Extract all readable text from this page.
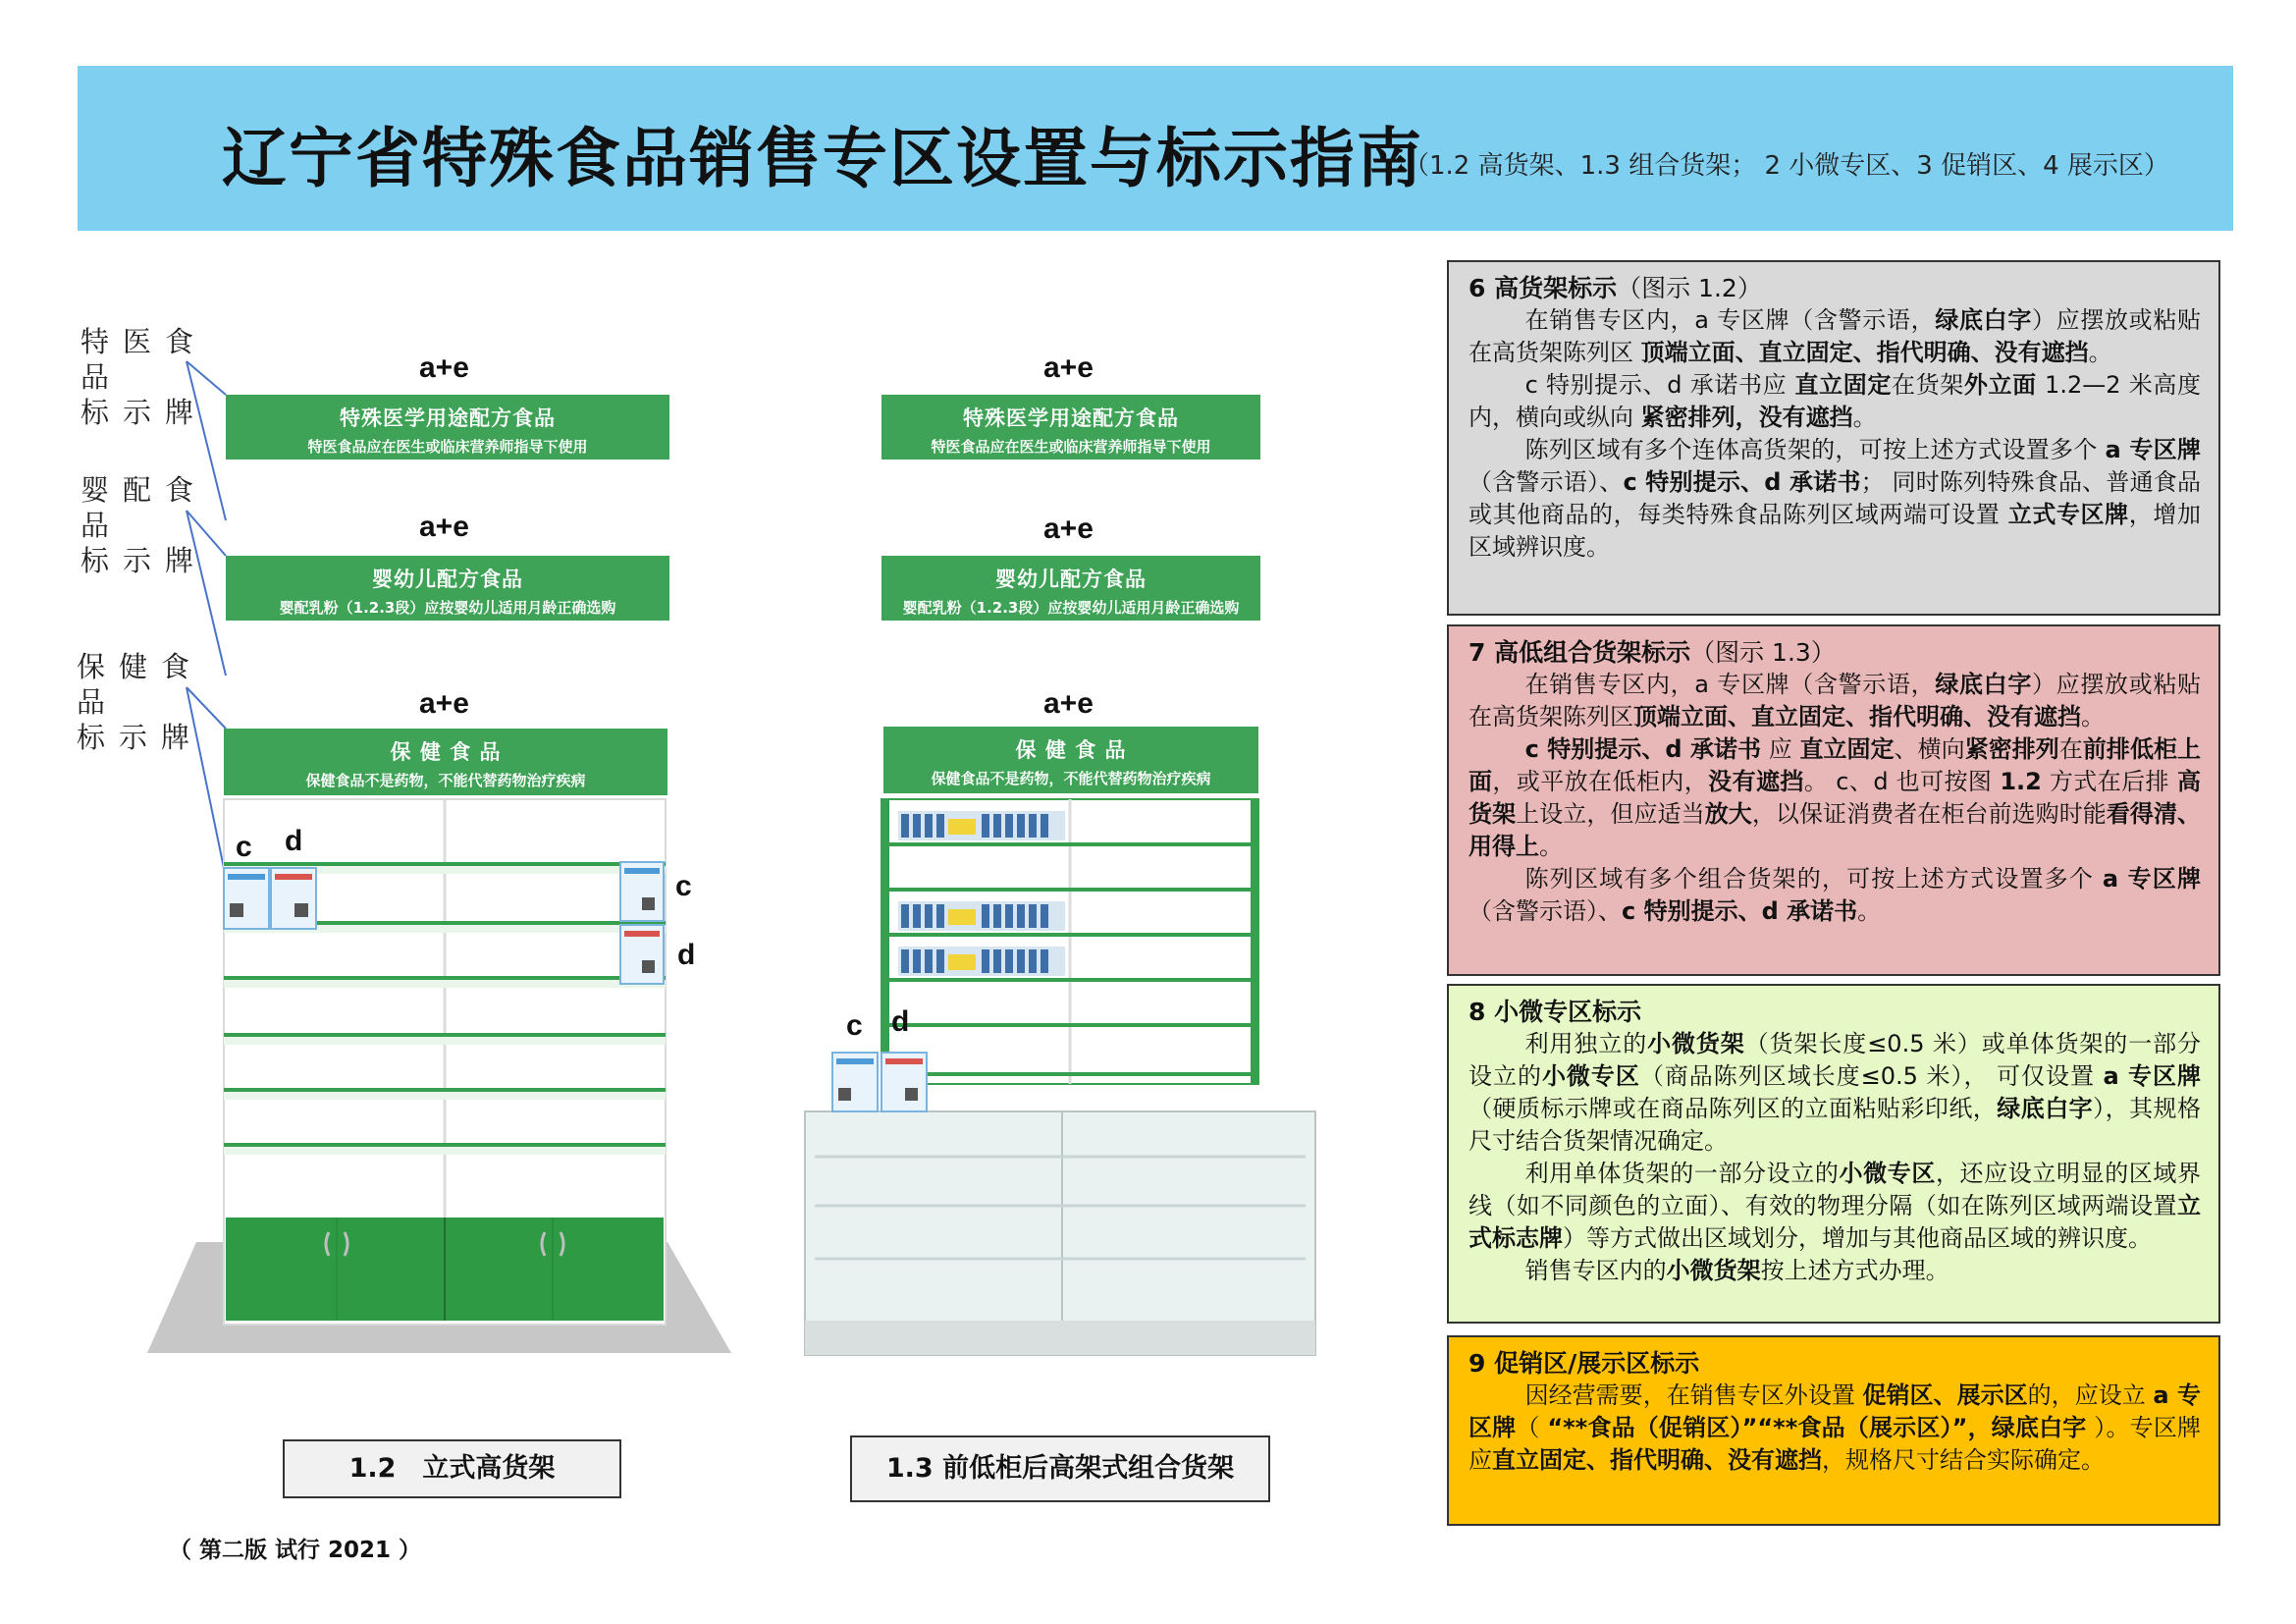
辽宁省特殊食品销售专区设置与标示指南
（1.2 高货架、1.3 组合货架； 2 小微专区、3 促销区、4 展示区）
特医食品
标 示 牌
婴配食品
标 示 牌
保健食品
标 示 牌
a+e	a+e
a+e	a+e
a+e	a+e
特殊医学用途配方食品
特医食品应在医生或临床营养师指导下使用
婴幼儿配方食品
婴配乳粉（1.2.3段）应按婴幼儿适用月龄正确选购
保 健 食 品
保健食品不是药物，不能代替药物治疗疾病
特殊医学用途配方食品
特医食品应在医生或临床营养师指导下使用
婴幼儿配方食品
婴配乳粉（1.2.3段）应按婴幼儿适用月龄正确选购
保 健 食 品
保健食品不是药物，不能代替药物治疗疾病
c d
c
d
c d
1.2　立式高货架	1.3 前低柜后高架式组合货架
（ 第二版 试行 2021 ）
6 高货架标示（图示 1.2）

在销售专区内，a 专区牌（含警示语，绿底白字）应摆放或粘贴在高货架陈列区 顶端立面、直立固定、指代明确、没有遮挡。

c 特别提示、d 承诺书应 直立固定在货架外立面 1.2—2 米高度内，横向或纵向 紧密排列，没有遮挡。

陈列区域有多个连体高货架的，可按上述方式设置多个 a 专区牌（含警示语）、c 特别提示、d 承诺书； 同时陈列特殊食品、普通食品或其他商品的，每类特殊食品陈列区域两端可设置 立式专区牌，增加区域辨识度。

7 高低组合货架标示（图示 1.3）

在销售专区内，a 专区牌（含警示语，绿底白字）应摆放或粘贴在高货架陈列区顶端立面、直立固定、指代明确、没有遮挡。

c 特别提示、d 承诺书 应 直立固定、横向紧密排列在前排低柜上面，或平放在低柜内，没有遮挡。 c、d 也可按图 1.2 方式在后排 高货架上设立，但应适当放大，以保证消费者在柜台前选购时能看得清、用得上。

陈列区域有多个组合货架的，可按上述方式设置多个 a 专区牌（含警示语）、c 特别提示、d 承诺书。

8 小微专区标示

利用独立的小微货架（货架长度≤0.5 米）或单体货架的一部分设立的小微专区（商品陈列区域长度≤0.5 米）， 可仅设置 a 专区牌（硬质标示牌或在商品陈列区的立面粘贴彩印纸，绿底白字），其规格尺寸结合货架情况确定。

利用单体货架的一部分设立的小微专区，还应设立明显的区域界线（如不同颜色的立面）、有效的物理分隔（如在陈列区域两端设置立式标志牌）等方式做出区域划分，增加与其他商品区域的辨识度。

销售专区内的小微货架按上述方式办理。

9 促销区/展示区标示

因经营需要，在销售专区外设置 促销区、展示区的，应设立 a 专区牌（ “**食品（促销区）”“**食品（展示区）”，绿底白字 ）。专区牌应直立固定、指代明确、没有遮挡，规格尺寸结合实际确定。
